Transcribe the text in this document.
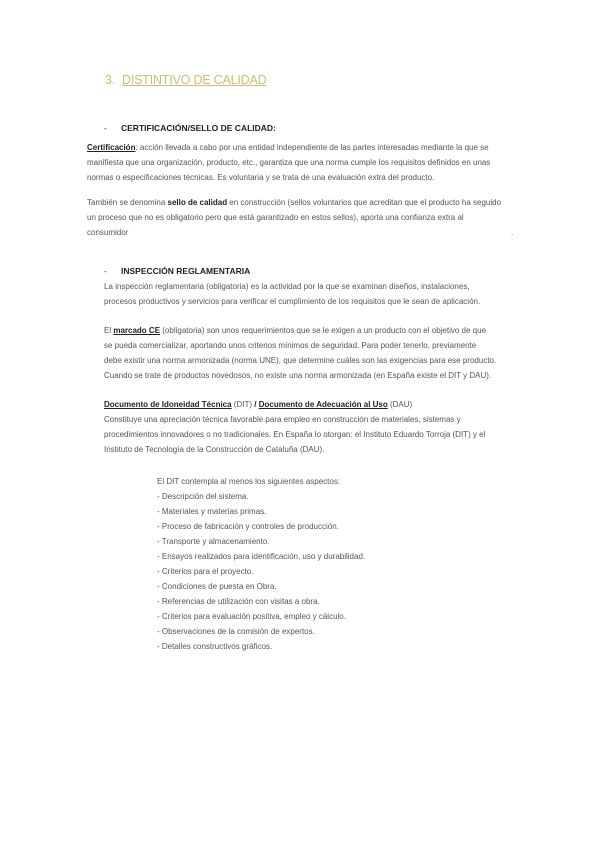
3. DISTINTIVO DE CALIDAD
- CERTIFICACIÓN/SELLO DE CALIDAD:
Certificación: acción llevada a cabo por una entidad independiente de las partes interesadas mediante la que se
manifiesta que una organización, producto, etc., garantiza que una norma cumple los requisitos definidos en unas
normas o especificaciones técnicas. Es voluntaria y se trata de una evaluación extra del producto.
También se denomina sello de calidad en construcción (sellos voluntarios que acreditan que el producto ha seguido
un proceso que no es obligatorio pero que está garantizado en estos sellos), aporta una confianza extra al
consumidor	.
- INSPECCIÓN REGLAMENTARIA
La inspección reglamentaria (obligatoria) es la actividad por la que se examinan diseños, instalaciones,
procesos productivos y servicios para verificar el cumplimiento de los requisitos que le sean de aplicación.
El marcado CE (obligatoria) son unos requerimientos que se le exigen a un producto con el objetivo de que
se pueda comercializar, aportando unos criterios mínimos de seguridad. Para poder tenerlo, previamente
debe existir una norma armonizada (norma UNE), que determine cuáles son las exigencias para ese producto.
Cuando se trate de productos novedosos, no existe una norma armonizada (en España existe el DIT y DAU).
Documento de Idoneidad Técnica (DIT) / Documento de Adecuación al Uso (DAU)
Constituye una apreciación técnica favorable para empleo en construcción de materiales, sistemas y
procedimientos innovadores o no tradicionales. En España lo otorgan: el Instituto Eduardo Torroja (DIT) y el
Instituto de Tecnología de la Construcción de Cataluña (DAU).
El DIT contempla al menos los siguientes aspectos:
- Descripción del sistema.
- Materiales y materias primas.
- Proceso de fabricación y controles de producción.
- Transporte y almacenamiento.
- Ensayos realizados para identificación, uso y durabilidad.
- Criterios para el proyecto.
- Condiciones de puesta en Obra.
- Referencias de utilización con visitas a obra.
- Criterios para evaluación positiva, empleo y cálculo.
- Observaciones de la comisión de expertos.
- Detalles constructivos gráficos.
